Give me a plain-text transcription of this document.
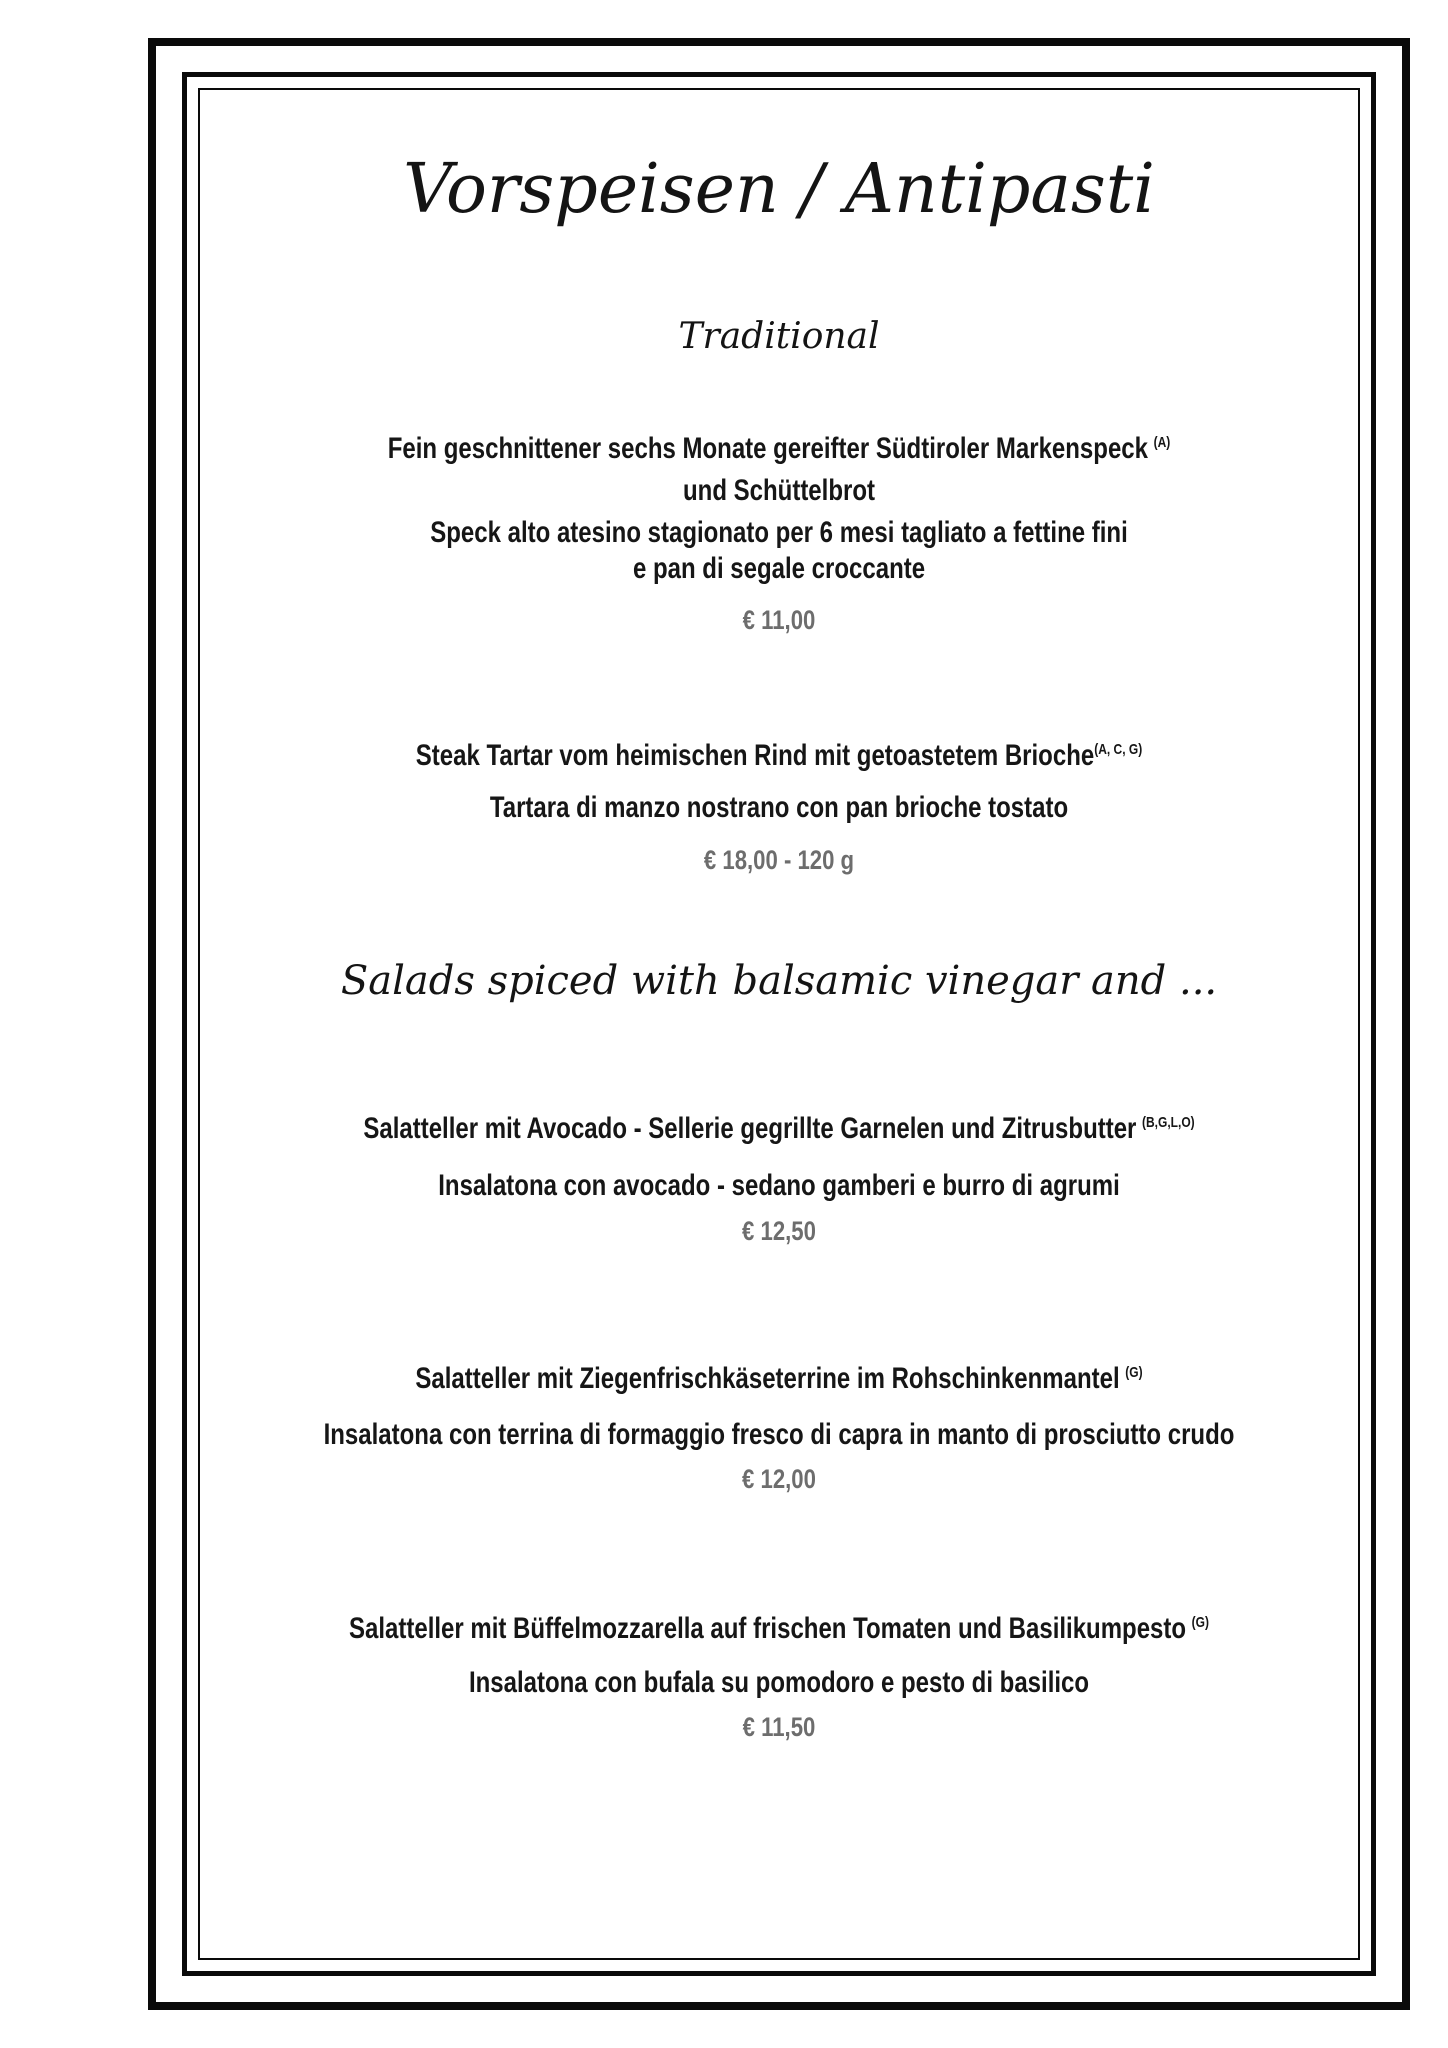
Vorspeisen / Antipasti
Traditional
Fein geschnittener sechs Monate gereifter Südtiroler Markenspeck $^{(A)}$
und Schüttelbrot
Speck alto atesino stagionato per 6 mesi tagliato a fettine fini
e pan di segale croccante
€ 11,00
Steak Tartar vom heimischen Rind mit getoastetem Brioche$^{(A, C, G)}$
Tartara di manzo nostrano con pan brioche tostato
€ 18,00 - 120 g
Salads spiced with balsamic vinegar and ...
Salatteller mit Avocado - Sellerie gegrillte Garnelen und Zitrusbutter $^{(B,G,L,O)}$
Insalatona con avocado - sedano gamberi e burro di agrumi
€ 12,50
Salatteller mit Ziegenfrischkäseterrine im Rohschinkenmantel $^{(G)}$
Insalatona con terrina di formaggio fresco di capra in manto di prosciutto crudo
€ 12,00
Salatteller mit Büffelmozzarella auf frischen Tomaten und Basilikumpesto $^{(G)}$
Insalatona con bufala su pomodoro e pesto di basilico
€ 11,50
